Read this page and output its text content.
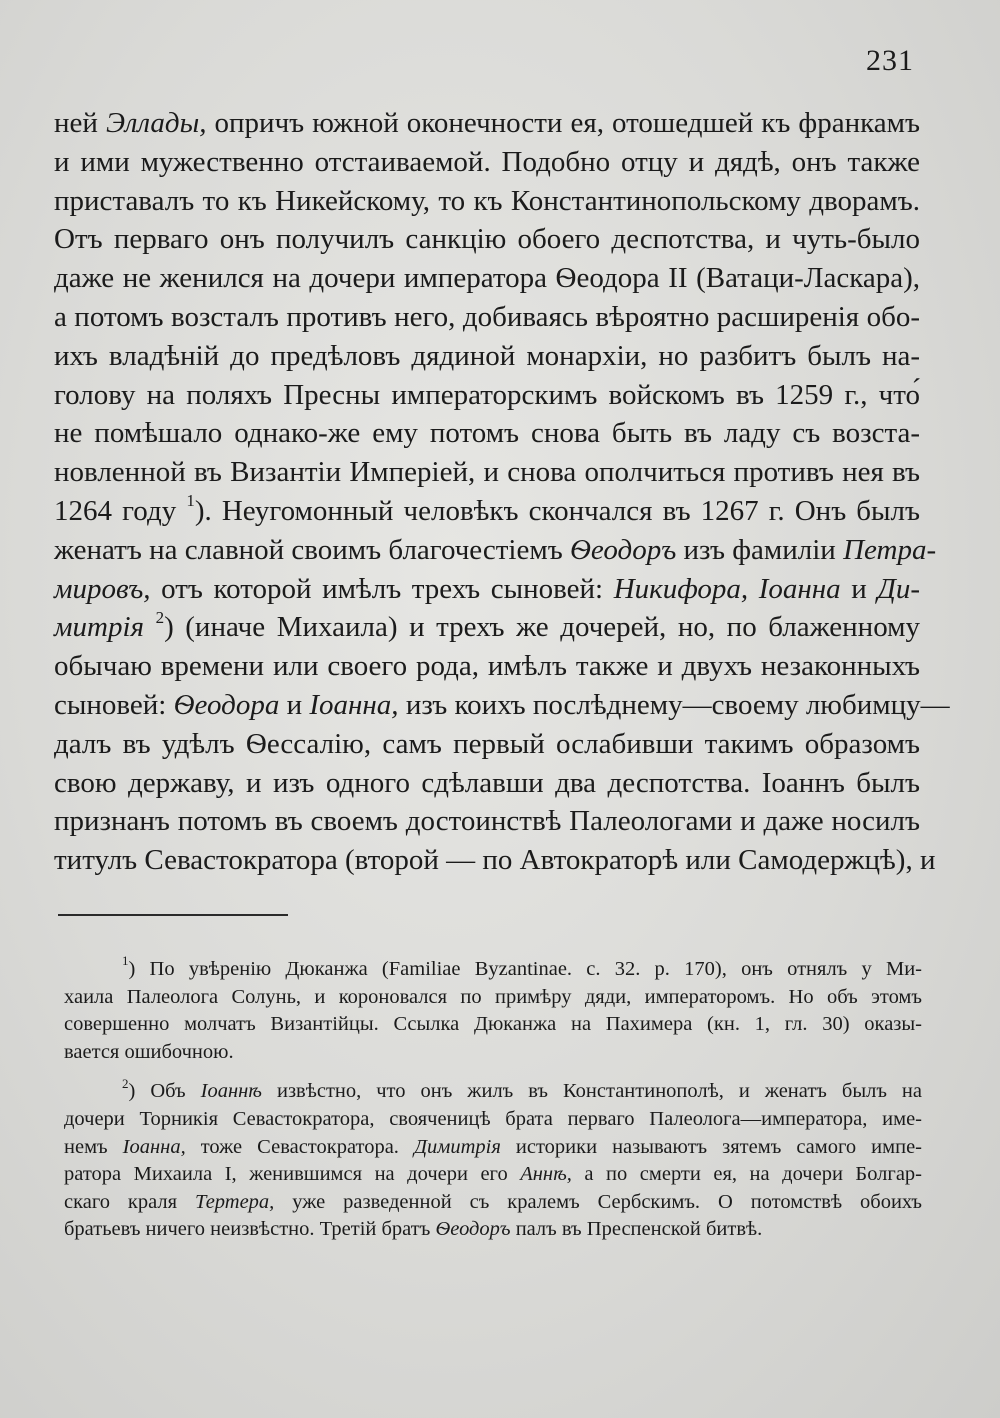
231
ней Эллады, опричъ южной оконечности ея, отошедшей къ франкамъ
и ими мужественно отстаиваемой. Подобно отцу и дядѣ, онъ также
приставалъ то къ Никейскому, то къ Константинопольскому дворамъ.
Отъ перваго онъ получилъ санкцію обоего деспотства, и чуть-было
даже не женился на дочери императора Ѳеодора II (Ватаци-Ласкара),
а потомъ возсталъ противъ него, добиваясь вѣроятно расширенія обо-
ихъ владѣній до предѣловъ дядиной монархіи, но разбитъ былъ на-
голову на поляхъ Пресны императорскимъ войскомъ въ 1259 г., что́
не помѣшало однако-же ему потомъ снова быть въ ладу съ возста-
новленной въ Византіи Имперіей, и снова ополчиться противъ нея въ
1264 году $^1$). Неугомонный человѣкъ скончался въ 1267 г. Онъ былъ
женатъ на славной своимъ благочестіемъ Ѳеодоръ изъ фамиліи Петра-
мировъ, отъ которой имѣлъ трехъ сыновей: Никифора, Іоанна и Ди-
митрія $^2$) (иначе Михаила) и трехъ же дочерей, но, по блаженному
обычаю времени или своего рода, имѣлъ также и двухъ незаконныхъ
сыновей: Ѳеодора и Іоанна, изъ коихъ послѣднему—своему любимцу—
далъ въ удѣлъ Ѳессалію, самъ первый ослабивши такимъ образомъ
свою державу, и изъ одного сдѣлавши два деспотства. Іоаннъ былъ
признанъ потомъ въ своемъ достоинствѣ Палеологами и даже носилъ
титулъ Севастократора (второй — по Автократорѣ или Самодержцѣ), и
$^1$) По увѣренію Дюканжа (Familiae Byzantinae. c. 32. p. 170), онъ отнялъ у Ми-
хаила Палеолога Солунь, и короновался по примѣру дяди, императоромъ. Но объ этомъ
совершенно молчатъ Византійцы. Ссылка Дюканжа на Пахимера (кн. 1, гл. 30) оказы-
вается ошибочною.
$^2$) Объ Іоаннѣ извѣстно, что онъ жилъ въ Константинополѣ, и женатъ былъ на
дочери Торникія Севастократора, свояченицѣ брата перваго Палеолога—императора, име-
немъ Іоанна, тоже Севастократора. Димитрія историки называютъ зятемъ самого импе-
ратора Михаила I, женившимся на дочери его Аннѣ, а по смерти ея, на дочери Болгар-
скаго краля Тертера, уже разведенной съ кралемъ Сербскимъ. О потомствѣ обоихъ
братьевъ ничего неизвѣстно. Третій братъ Ѳеодоръ палъ въ Преспенской битвѣ.
